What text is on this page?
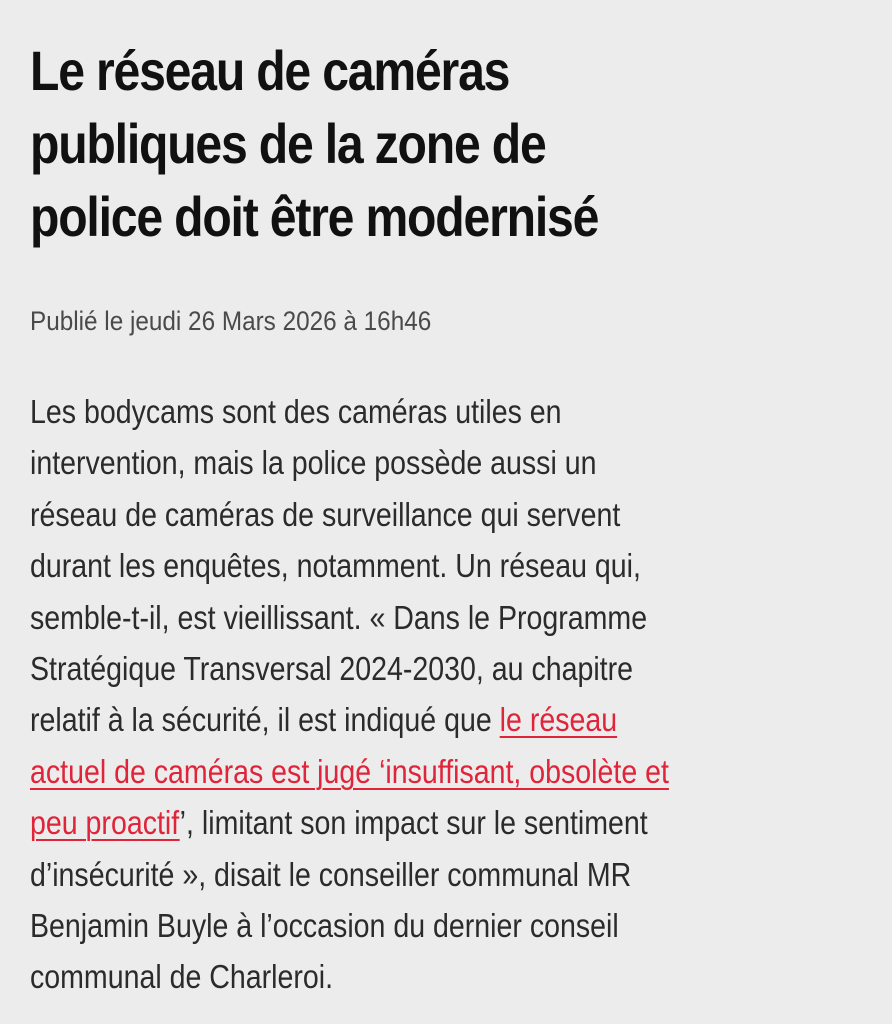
Le réseau de caméras
publiques de la zone de
police doit être modernisé

Publié le jeudi 26 Mars 2026 à 16h46

Les bodycams sont des caméras utiles en
intervention, mais la police possède aussi un
réseau de caméras de surveillance qui servent
durant les enquêtes, notamment. Un réseau qui,
semble-t-il, est vieillissant. « Dans le Programme
Stratégique Transversal 2024-2030, au chapitre
relatif à la sécurité, il est indiqué que le réseau
actuel de caméras est jugé ‘insuffisant, obsolète et
peu proactif’, limitant son impact sur le sentiment
d’insécurité », disait le conseiller communal MR
Benjamin Buyle à l’occasion du dernier conseil
communal de Charleroi.
